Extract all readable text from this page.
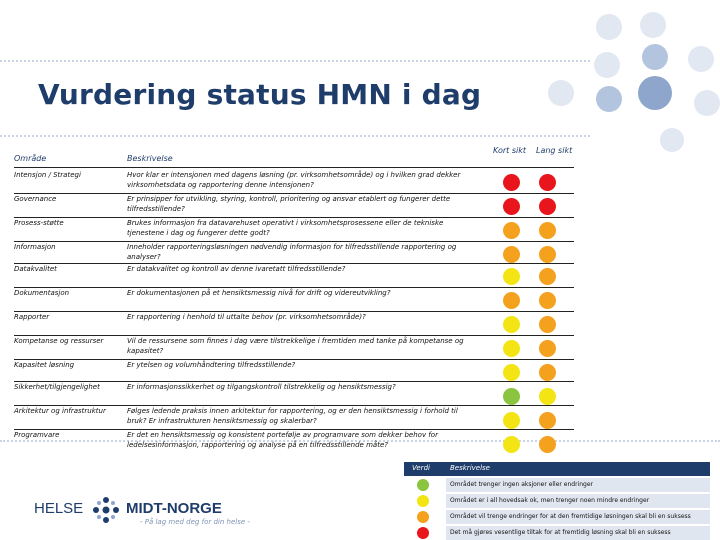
Vurdering status HMN i dag
Område	Beskrivelse
Kort sikt Lang sikt
Intensjon / Strategi	Hvor klar er intensjonen med dagens løsning (pr. virksomhetsområde) og i hvilken grad dekker virksomhetsdata og rapportering denne intensjonen?
Governance	Er prinsipper for utvikling, styring, kontroll, prioritering og ansvar etablert og fungerer dette tilfredsstillende?
Prosess-støtte	Brukes informasjon fra datavarehuset operativt i virksomhetsprosessene eller de tekniske tjenestene i dag og fungerer dette godt?
Informasjon	Inneholder rapporteringsløsningen nødvendig informasjon for tilfredsstillende rapportering og analyser?
Datakvalitet	Er datakvalitet og kontroll av denne ivaretatt tilfredsstillende?
Dokumentasjon	Er dokumentasjonen på et hensiktsmessig nivå for drift og videreutvikling?
Rapporter	Er rapportering i henhold til uttalte behov (pr. virksomhetsområde)?
Kompetanse og ressurser	Vil de ressursene som finnes i dag være tilstrekkelige i fremtiden med tanke på kompetanse og kapasitet?
Kapasitet løsning	Er ytelsen og volumhåndtering tilfredsstillende?
Sikkerhet/tilgjengelighet	Er informasjonssikkerhet og tilgangskontroll tilstrekkelig og hensiktsmessig?
Arkitektur og infrastruktur	Følges ledende praksis innen arkitektur for rapportering, og er den hensiktsmessig i forhold til bruk? Er infrastrukturen hensiktsmessig og skalerbar?
Programvare	Er det en hensiktsmessig og konsistent portefølje av programvare som dekker behov for ledelsesinformasjon, rapportering og analyse på en tilfredsstillende måte?
Verdi	Beskrivelse
Området trenger ingen aksjoner eller endringer
Området er i all hovedsak ok, men trenger noen mindre endringer
Området vil trenge endringer for at den fremtidige løsningen skal bli en suksess
Det må gjøres vesentlige tiltak for at fremtidig løsning skal bli en suksess
HELSE	MIDT-NORGE
- På lag med deg for din helse -
